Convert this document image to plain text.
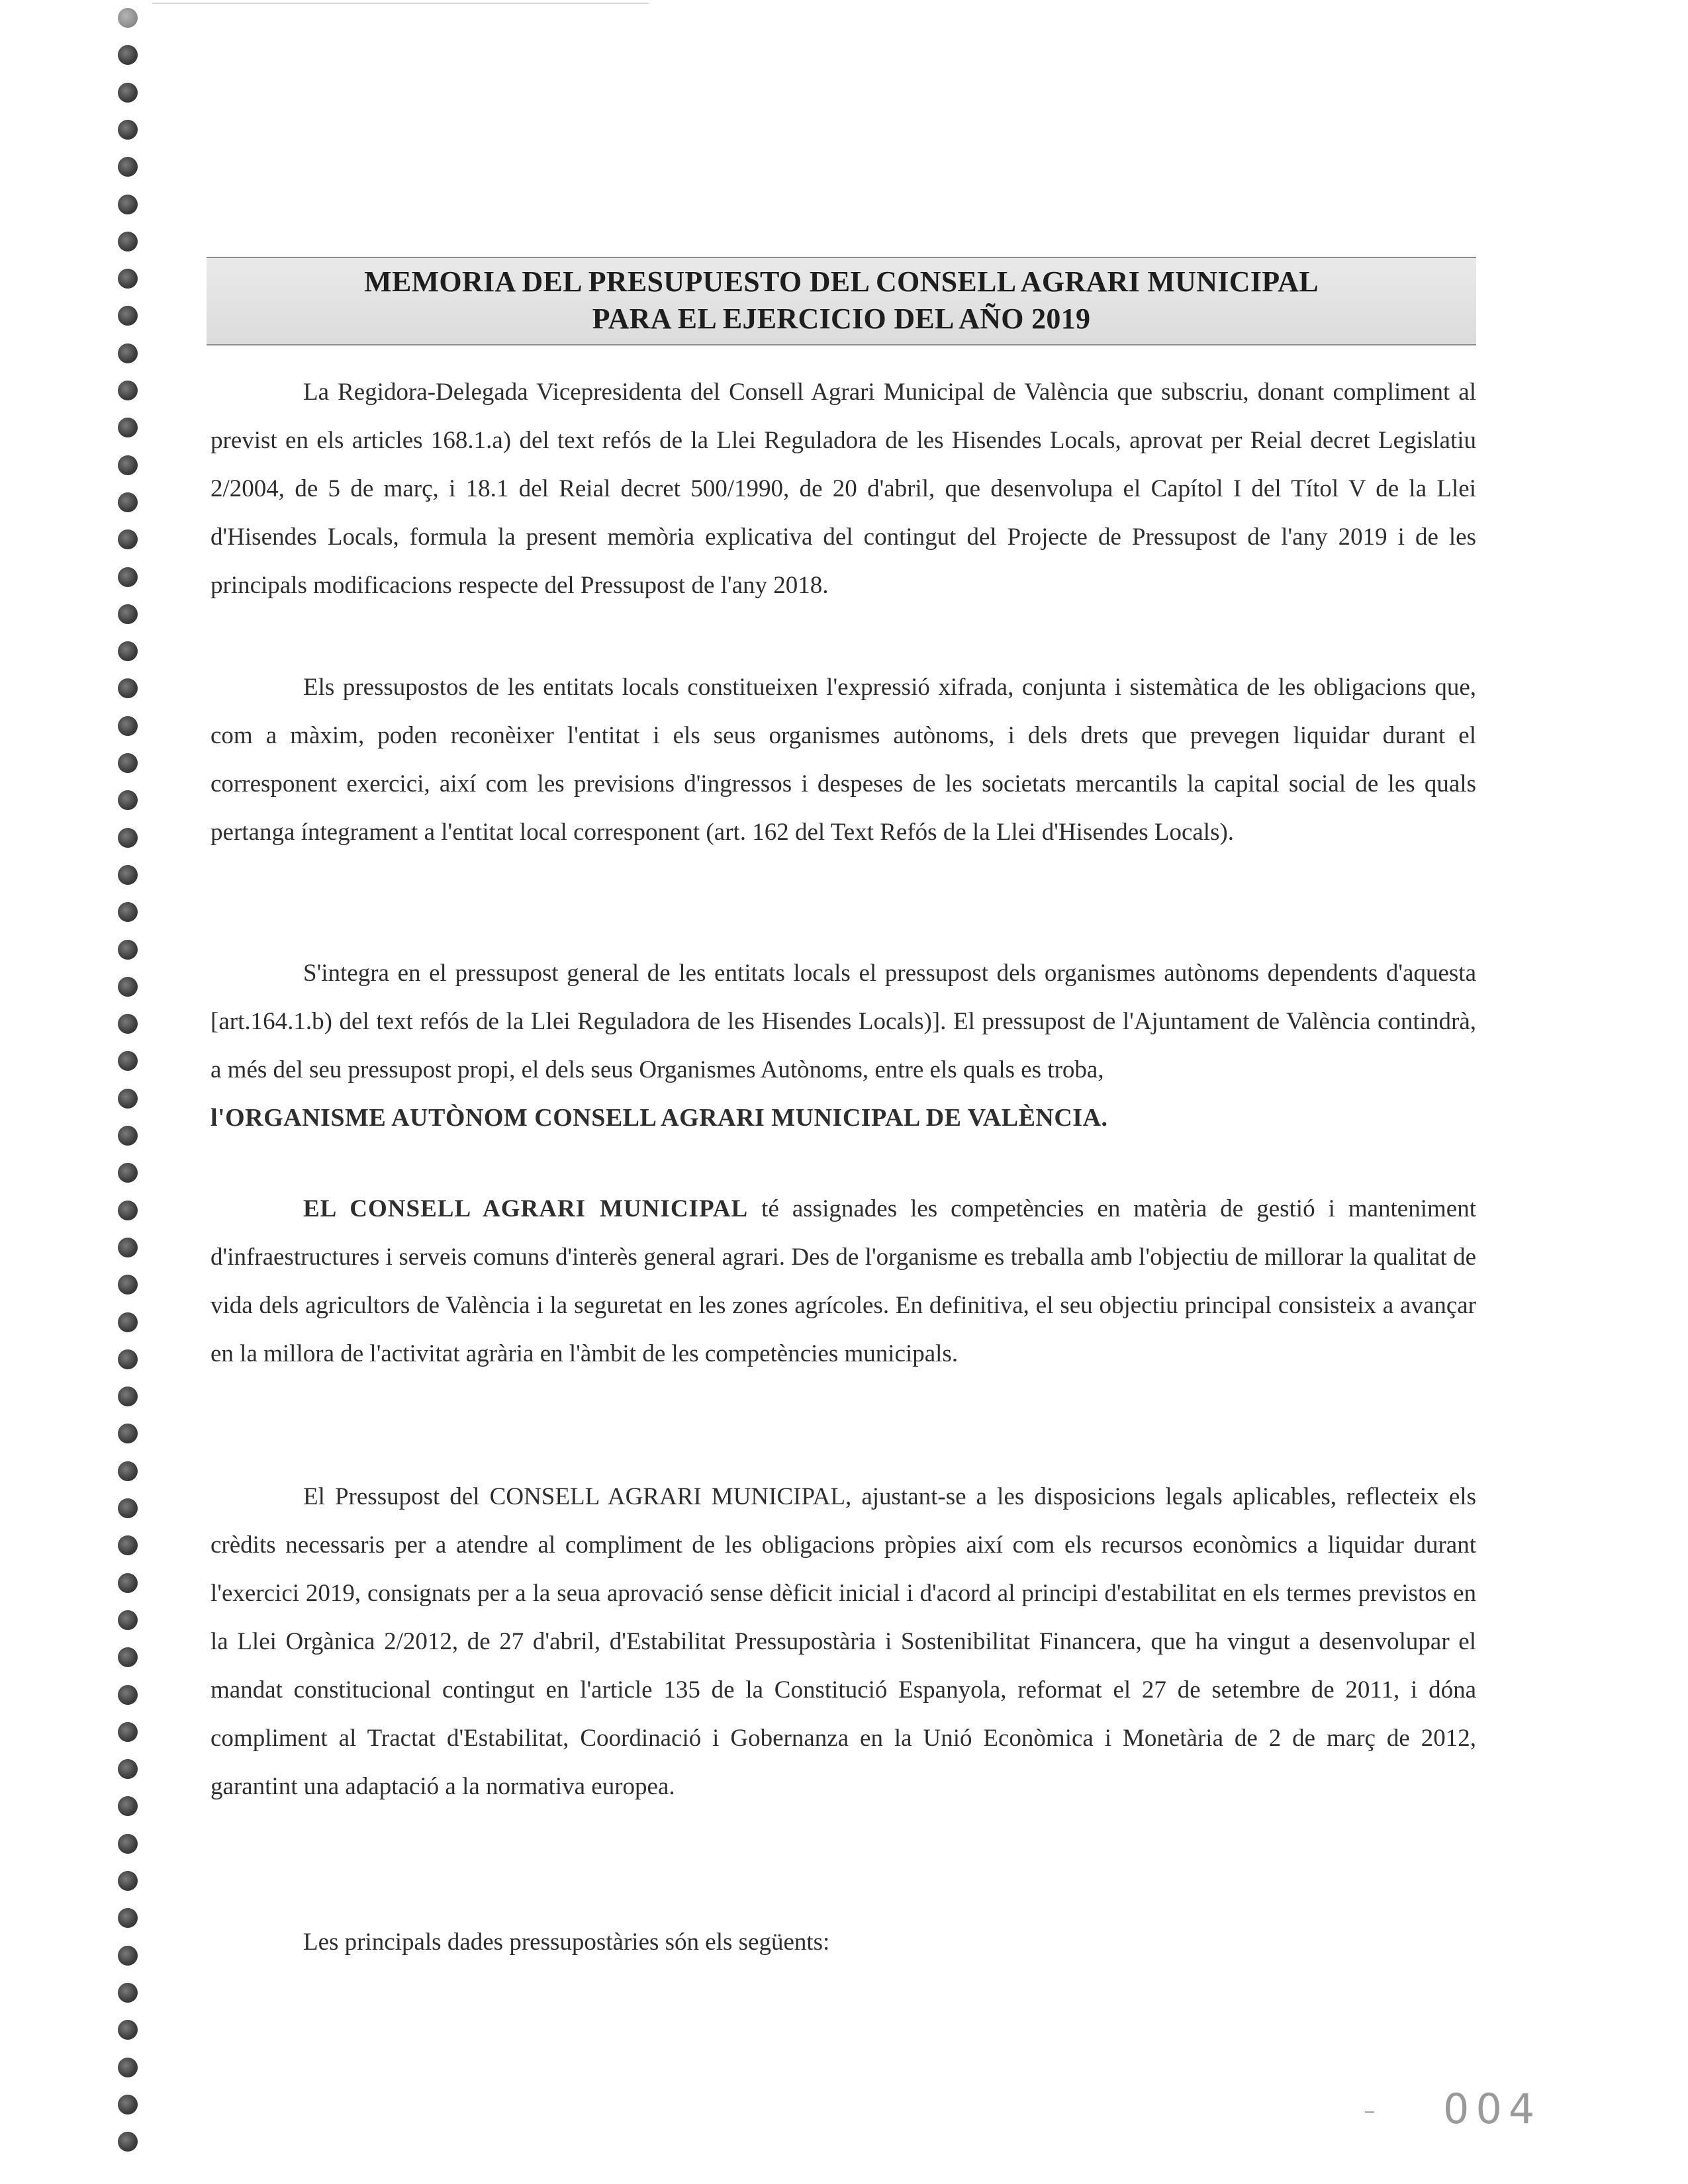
MEMORIA DEL PRESUPUESTO DEL CONSELL AGRARI MUNICIPAL
PARA EL EJERCICIO DEL AÑO 2019
La Regidora-Delegada Vicepresidenta del Consell Agrari Municipal de València que subscriu, donant compliment al previst en els articles 168.1.a) del text refós de la Llei Reguladora de les Hisendes Locals, aprovat per Reial decret Legislatiu 2/2004, de 5 de març, i 18.1 del Reial decret 500/1990, de 20 d'abril, que desenvolupa el Capítol I del Títol V de la Llei d'Hisendes Locals, formula la present memòria explicativa del contingut del Projecte de Pressupost de l'any 2019 i de les principals modificacions respecte del Pressupost de l'any 2018.
Els pressupostos de les entitats locals constitueixen l'expressió xifrada, conjunta i sistemàtica de les obligacions que, com a màxim, poden reconèixer l'entitat i els seus organismes autònoms, i dels drets que prevegen liquidar durant el corresponent exercici, així com les previsions d'ingressos i despeses de les societats mercantils la capital social de les quals pertanga íntegrament a l'entitat local corresponent (art. 162 del Text Refós de la Llei d'Hisendes Locals).
S'integra en el pressupost general de les entitats locals el pressupost dels organismes autònoms dependents d'aquesta [art.164.1.b) del text refós de la Llei Reguladora de les Hisendes Locals)]. El pressupost de l'Ajuntament de València contindrà, a més del seu pressupost propi, el dels seus Organismes Autònoms, entre els quals es troba,
l'ORGANISME AUTÒNOM CONSELL AGRARI MUNICIPAL DE VALÈNCIA.
EL CONSELL AGRARI MUNICIPAL té assignades les competències en matèria de gestió i manteniment d'infraestructures i serveis comuns d'interès general agrari. Des de l'organisme es treballa amb l'objectiu de millorar la qualitat de vida dels agricultors de València i la seguretat en les zones agrícoles. En definitiva, el seu objectiu principal consisteix a avançar en la millora de l'activitat agrària en l'àmbit de les competències municipals.
El Pressupost del CONSELL AGRARI MUNICIPAL, ajustant-se a les disposicions legals aplicables, reflecteix els crèdits necessaris per a atendre al compliment de les obligacions pròpies així com els recursos econòmics a liquidar durant l'exercici 2019, consignats per a la seua aprovació sense dèficit inicial i d'acord al principi d'estabilitat en els termes previstos en la Llei Orgànica 2/2012, de 27 d'abril, d'Estabilitat Pressupostària i Sostenibilitat Financera, que ha vingut a desenvolupar el mandat constitucional contingut en l'article 135 de la Constitució Espanyola, reformat el 27 de setembre de 2011, i dóna compliment al Tractat d'Estabilitat, Coordinació i Gobernanza en la Unió Econòmica i Monetària de 2 de març de 2012, garantint una adaptació a la normativa europea.
Les principals dades pressupostàries són els següents:
004
